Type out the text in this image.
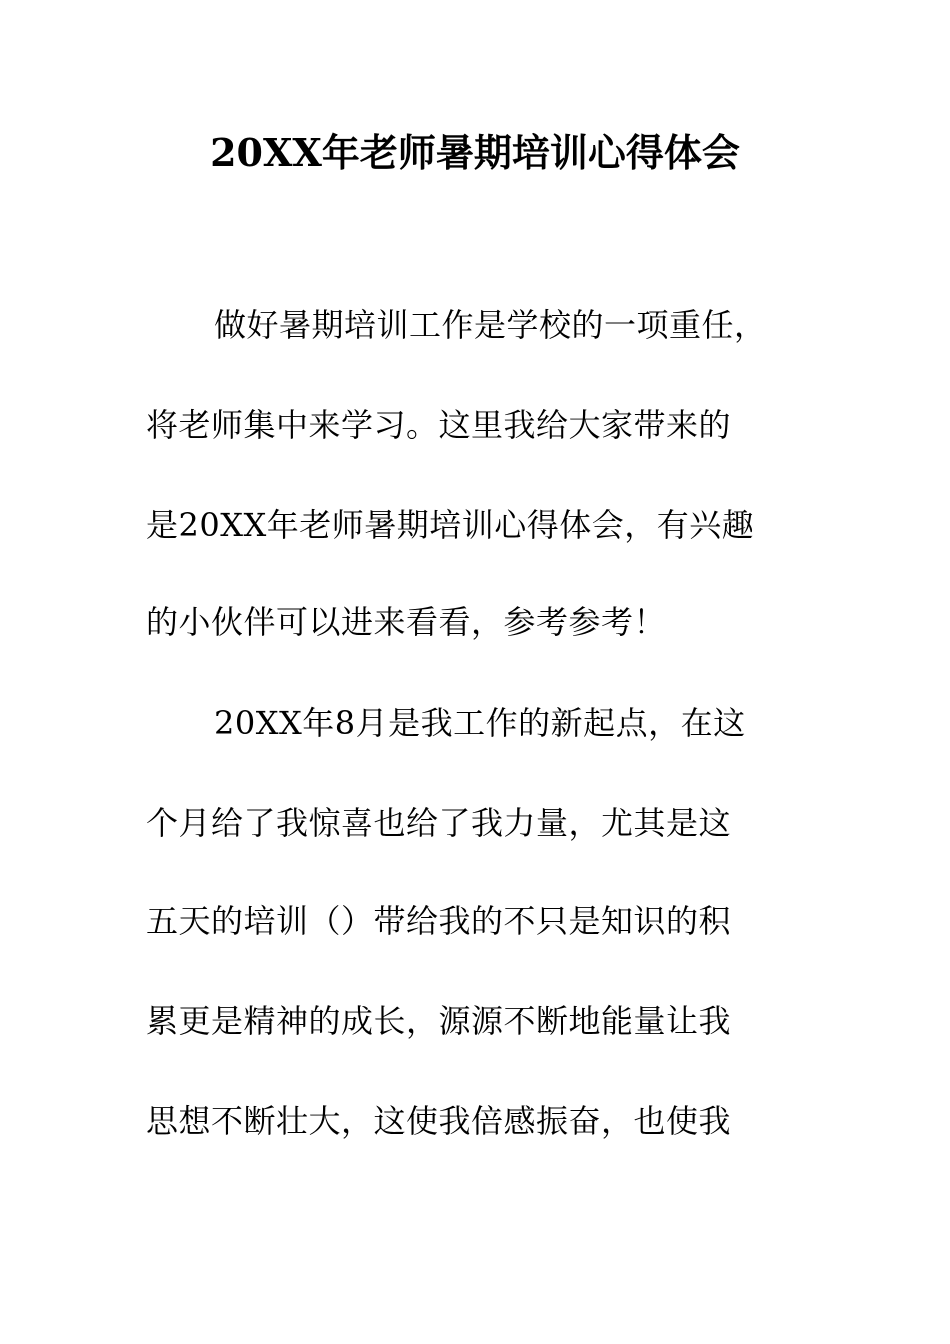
20XX年老师暑期培训心得体会
做好暑期培训工作是学校的一项重任，
将老师集中来学习。这里我给大家带来的
是20XX年老师暑期培训心得体会，有兴趣
的小伙伴可以进来看看，参考参考！
20XX年8月是我工作的新起点，在这
个月给了我惊喜也给了我力量，尤其是这
五天的培训（）带给我的不只是知识的积
累更是精神的成长，源源不断地能量让我
思想不断壮大，这使我倍感振奋，也使我
